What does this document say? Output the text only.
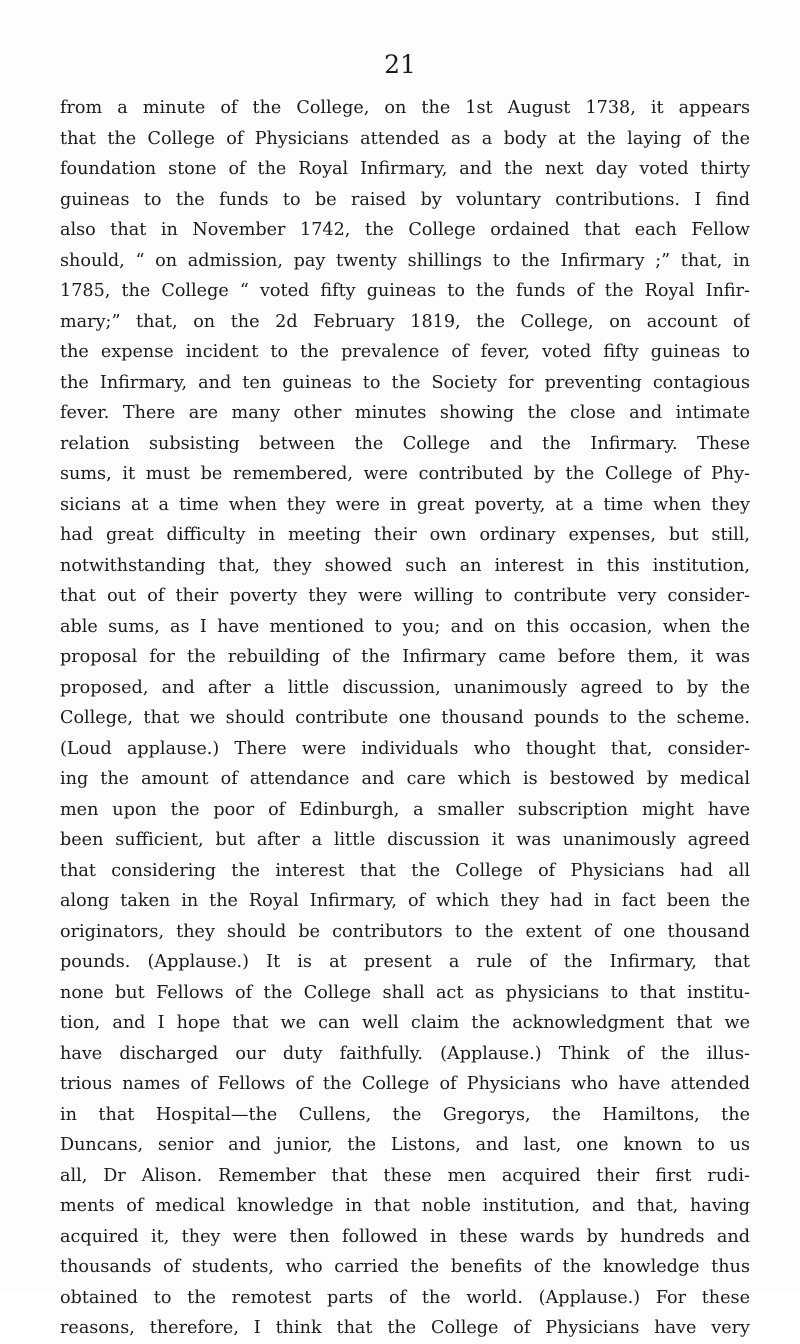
21
from a minute of the College, on the 1st August 1738, it appears
that the College of Physicians attended as a body at the laying of the
foundation stone of the Royal Infirmary, and the next day voted thirty
guineas to the funds to be raised by voluntary contributions. I find
also that in November 1742, the College ordained that each Fellow
should, “ on admission, pay twenty shillings to the Infirmary ;” that, in
1785, the College “ voted fifty guineas to the funds of the Royal Infir-
mary;” that, on the 2d February 1819, the College, on account of
the expense incident to the prevalence of fever, voted fifty guineas to
the Infirmary, and ten guineas to the Society for preventing contagious
fever. There are many other minutes showing the close and intimate
relation subsisting between the College and the Infirmary. These
sums, it must be remembered, were contributed by the College of Phy-
sicians at a time when they were in great poverty, at a time when they
had great difficulty in meeting their own ordinary expenses, but still,
notwithstanding that, they showed such an interest in this institution,
that out of their poverty they were willing to contribute very consider-
able sums, as I have mentioned to you; and on this occasion, when the
proposal for the rebuilding of the Infirmary came before them, it was
proposed, and after a little discussion, unanimously agreed to by the
College, that we should contribute one thousand pounds to the scheme.
(Loud applause.) There were individuals who thought that, consider-
ing the amount of attendance and care which is bestowed by medical
men upon the poor of Edinburgh, a smaller subscription might have
been sufficient, but after a little discussion it was unanimously agreed
that considering the interest that the College of Physicians had all
along taken in the Royal Infirmary, of which they had in fact been the
originators, they should be contributors to the extent of one thousand
pounds. (Applause.) It is at present a rule of the Infirmary, that
none but Fellows of the College shall act as physicians to that institu-
tion, and I hope that we can well claim the acknowledgment that we
have discharged our duty faithfully. (Applause.) Think of the illus-
trious names of Fellows of the College of Physicians who have attended
in that Hospital—the Cullens, the Gregorys, the Hamiltons, the
Duncans, senior and junior, the Listons, and last, one known to us
all, Dr Alison. Remember that these men acquired their first rudi-
ments of medical knowledge in that noble institution, and that, having
acquired it, they were then followed in these wards by hundreds and
thousands of students, who carried the benefits of the knowledge thus
obtained to the remotest parts of the world. (Applause.) For these
reasons, therefore, I think that the College of Physicians have very
